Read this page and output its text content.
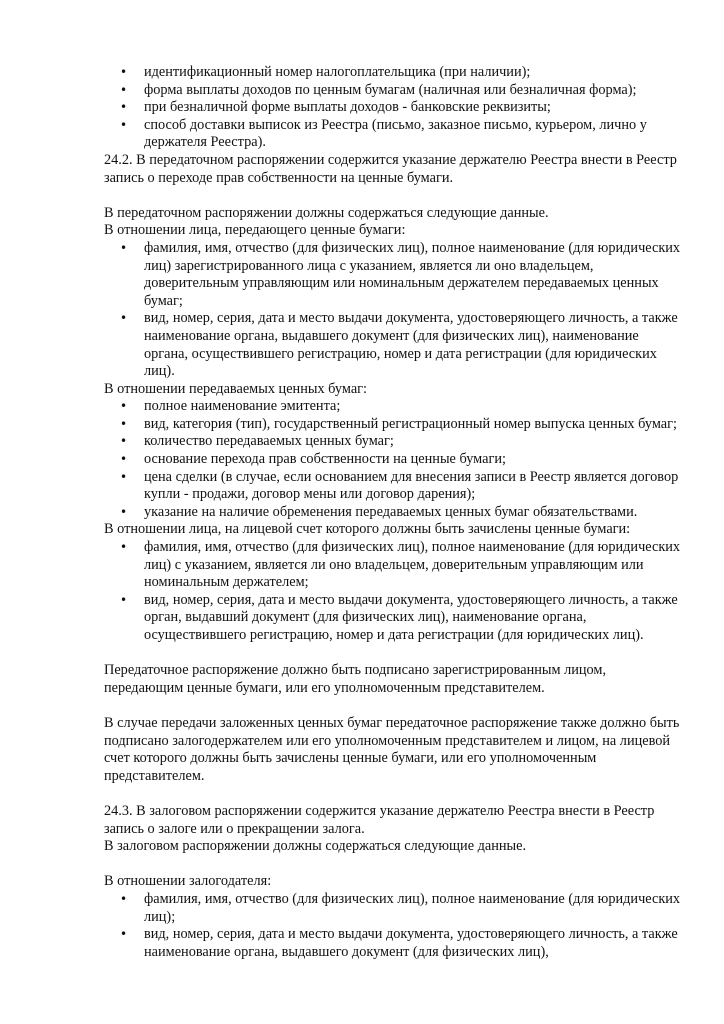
• идентификационный номер налогоплательщика (при наличии);
• форма выплаты доходов по ценным бумагам (наличная или безналичная форма);
• при безналичной форме выплаты доходов - банковские реквизиты;
• способ доставки выписок из Реестра (письмо, заказное письмо, курьером, лично у держателя Реестра).

24.2. В передаточном распоряжении содержится указание держателю Реестра внести в Реестр запись о переходе прав собственности на ценные бумаги.

В передаточном распоряжении должны содержаться следующие данные.

В отношении лица, передающего ценные бумаги:

• фамилия, имя, отчество (для физических лиц), полное наименование (для юридических лиц) зарегистрированного лица с указанием, является ли оно владельцем, доверительным управляющим или номинальным держателем передаваемых ценных бумаг;
• вид, номер, серия, дата и место выдачи документа, удостоверяющего личность, а также наименование органа, выдавшего документ (для физических лиц), наименование органа, осуществившего регистрацию, номер и дата регистрации (для юридических лиц).

В отношении передаваемых ценных бумаг:

• полное наименование эмитента;
• вид, категория (тип), государственный регистрационный номер выпуска ценных бумаг;
• количество передаваемых ценных бумаг;
• основание перехода прав собственности на ценные бумаги;
• цена сделки (в случае, если основанием для внесения записи в Реестр является договор купли - продажи, договор мены или договор дарения);
• указание на наличие обременения передаваемых ценных бумаг обязательствами.

В отношении лица, на лицевой счет которого должны быть зачислены ценные бумаги:

• фамилия, имя, отчество (для физических лиц), полное наименование (для юридических лиц) с указанием, является ли оно владельцем, доверительным управляющим или номинальным держателем;
• вид, номер, серия, дата и место выдачи документа, удостоверяющего личность, а также орган, выдавший документ (для физических лиц), наименование органа, осуществившего регистрацию, номер и дата регистрации (для юридических лиц).

Передаточное распоряжение должно быть подписано зарегистрированным лицом, передающим ценные бумаги, или его уполномоченным представителем.

В случае передачи заложенных ценных бумаг передаточное распоряжение также должно быть подписано залогодержателем или его уполномоченным представителем и лицом, на лицевой счет которого должны быть зачислены ценные бумаги, или его уполномоченным представителем.

24.3. В залоговом распоряжении содержится указание держателю Реестра внести в Реестр запись о залоге или о прекращении залога.

В залоговом распоряжении должны содержаться следующие данные.

В отношении залогодателя:

• фамилия, имя, отчество (для физических лиц), полное наименование (для юридических лиц);
• вид, номер, серия, дата и место выдачи документа, удостоверяющего личность, а также наименование органа, выдавшего документ (для физических лиц),
